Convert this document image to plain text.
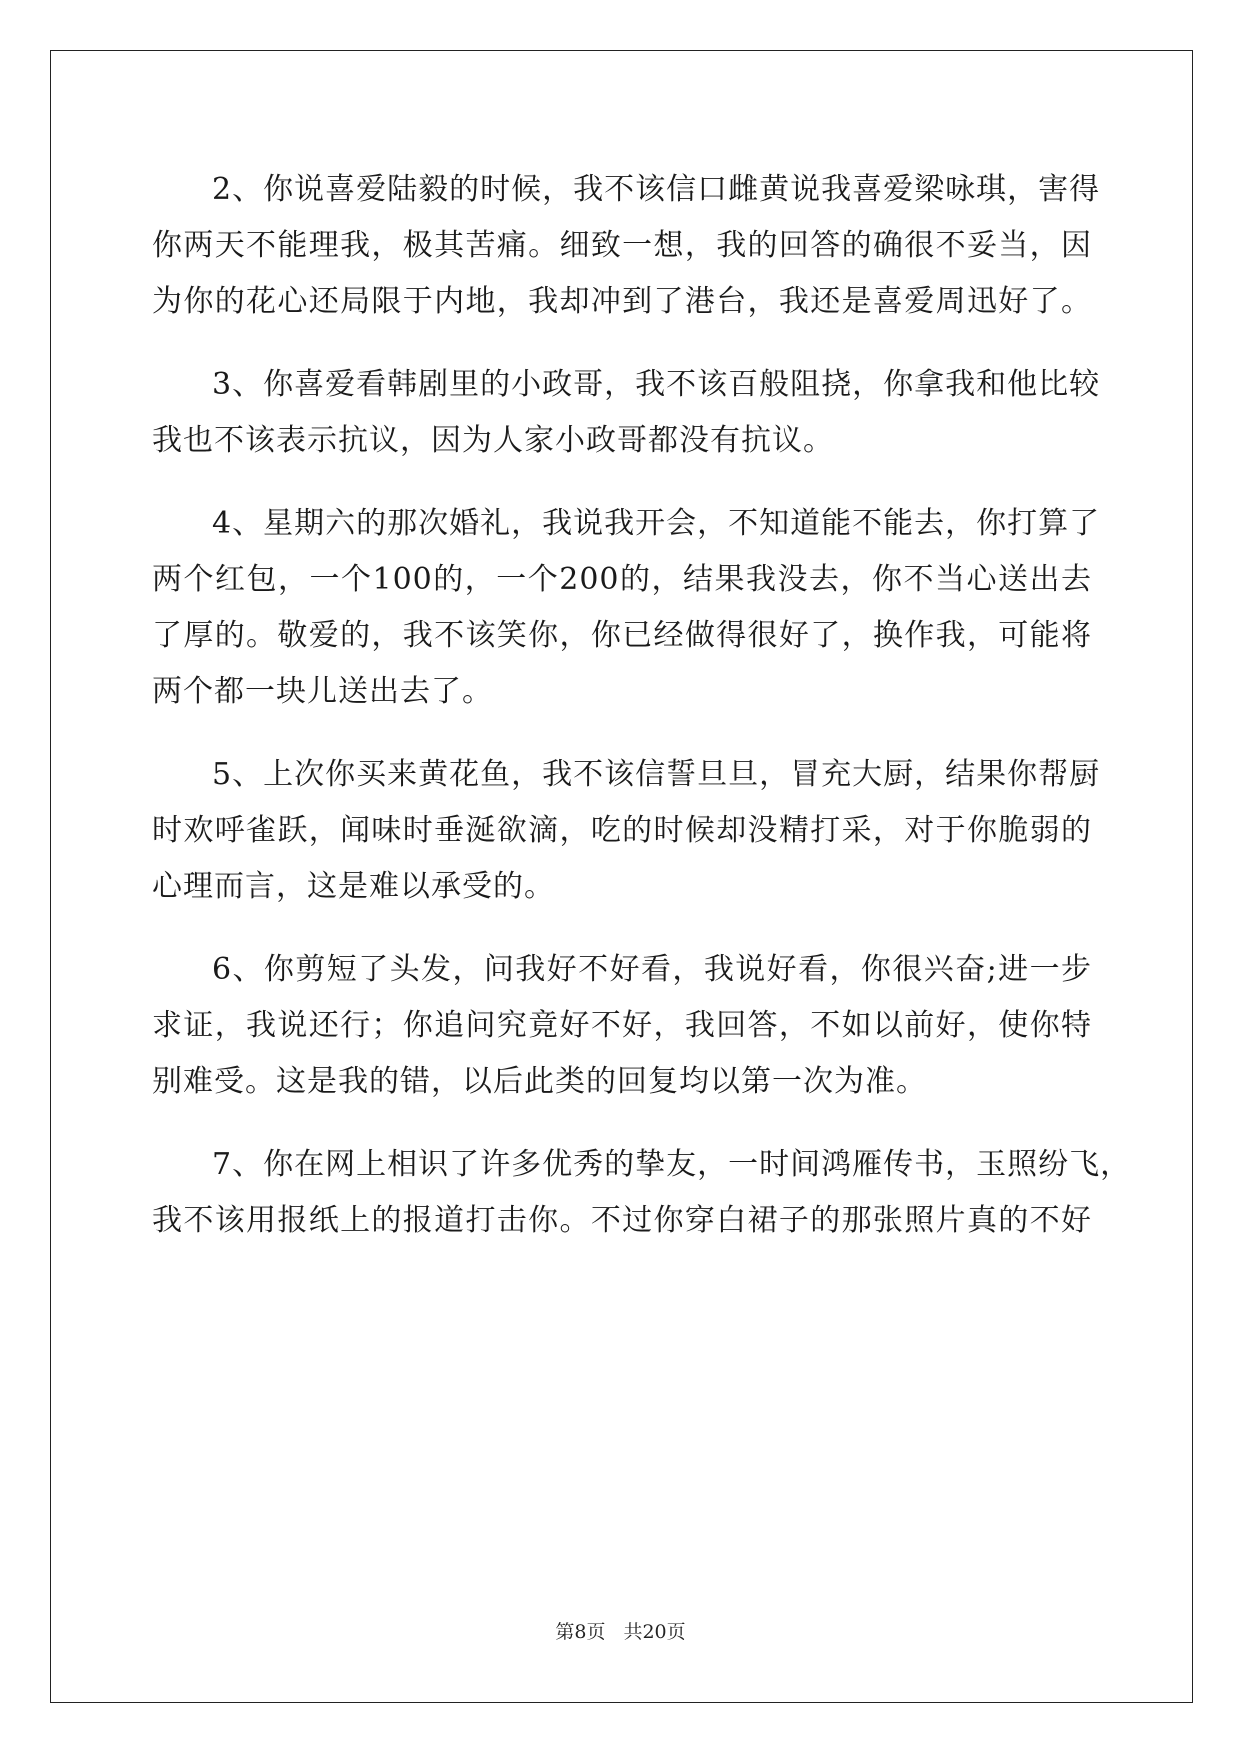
2、你说喜爱陆毅的时候，我不该信口雌黄说我喜爱梁咏琪，害得
你两天不能理我，极其苦痛。细致一想，我的回答的确很不妥当，因
为你的花心还局限于内地，我却冲到了港台，我还是喜爱周迅好了。
3、你喜爱看韩剧里的小政哥，我不该百般阻挠，你拿我和他比较
我也不该表示抗议，因为人家小政哥都没有抗议。
4、星期六的那次婚礼，我说我开会，不知道能不能去，你打算了
两个红包，一个100的，一个200的，结果我没去，你不当心送出去
了厚的。敬爱的，我不该笑你，你已经做得很好了，换作我，可能将
两个都一块儿送出去了。
5、上次你买来黄花鱼，我不该信誓旦旦，冒充大厨，结果你帮厨
时欢呼雀跃，闻味时垂涎欲滴，吃的时候却没精打采，对于你脆弱的
心理而言，这是难以承受的。
6、你剪短了头发，问我好不好看，我说好看，你很兴奋;进一步
求证，我说还行；你追问究竟好不好，我回答，不如以前好，使你特
别难受。这是我的错，以后此类的回复均以第一次为准。
7、你在网上相识了许多优秀的挚友，一时间鸿雁传书，玉照纷飞，
我不该用报纸上的报道打击你。不过你穿白裙子的那张照片真的不好
第8页 共20页
